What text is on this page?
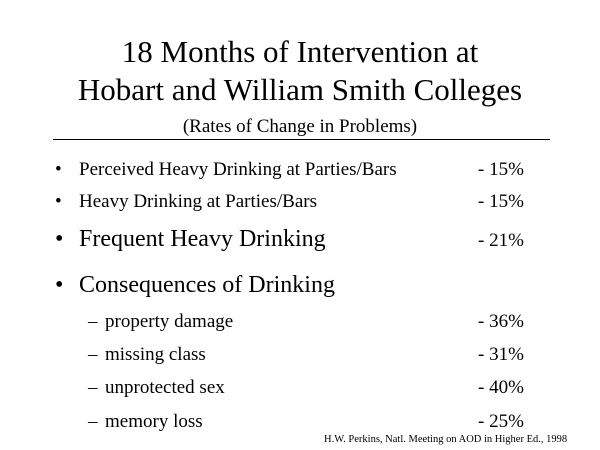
18 Months of Intervention at
Hobart and William Smith Colleges
(Rates of Change in Problems)
• Perceived Heavy Drinking at Parties/Bars	- 15%
• Heavy Drinking at Parties/Bars	- 15%
• Frequent Heavy Drinking	- 21%
• Consequences of Drinking
– property damage	- 36%
– missing class	- 31%
– unprotected sex	- 40%
– memory loss	- 25%
H.W. Perkins, Natl. Meeting on AOD in Higher Ed., 1998
